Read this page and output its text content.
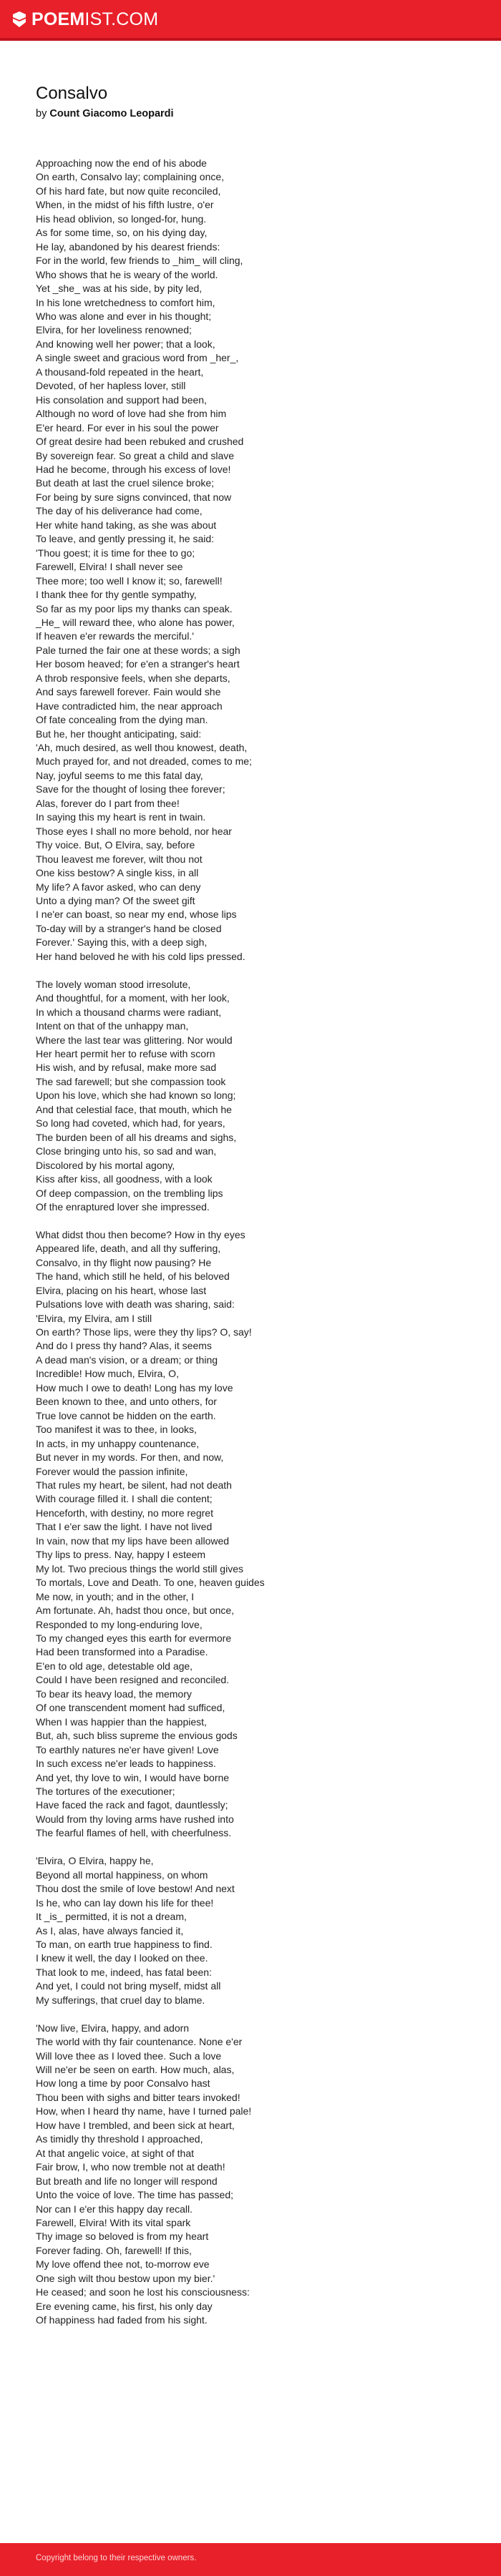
POEMIST.COM
Consalvo
by Count Giacomo Leopardi
Approaching now the end of his abode
On earth, Consalvo lay; complaining once,
Of his hard fate, but now quite reconciled,
When, in the midst of his fifth lustre, o'er
His head oblivion, so longed-for, hung.
As for some time, so, on his dying day,
He lay, abandoned by his dearest friends:
For in the world, few friends to _him_ will cling,
Who shows that he is weary of the world.
Yet _she_ was at his side, by pity led,
In his lone wretchedness to comfort him,
Who was alone and ever in his thought;
Elvira, for her loveliness renowned;
And knowing well her power; that a look,
A single sweet and gracious word from _her_,
A thousand-fold repeated in the heart,
Devoted, of her hapless lover, still
His consolation and support had been,
Although no word of love had she from him
E'er heard. For ever in his soul the power
Of great desire had been rebuked and crushed
By sovereign fear. So great a child and slave
Had he become, through his excess of love!
But death at last the cruel silence broke;
For being by sure signs convinced, that now
The day of his deliverance had come,
Her white hand taking, as she was about
To leave, and gently pressing it, he said:
'Thou goest; it is time for thee to go;
Farewell, Elvira! I shall never see
Thee more; too well I know it; so, farewell!
I thank thee for thy gentle sympathy,
So far as my poor lips my thanks can speak.
_He_ will reward thee, who alone has power,
If heaven e'er rewards the merciful.'
Pale turned the fair one at these words; a sigh
Her bosom heaved; for e'en a stranger's heart
A throb responsive feels, when she departs,
And says farewell forever. Fain would she
Have contradicted him, the near approach
Of fate concealing from the dying man.
But he, her thought anticipating, said:
'Ah, much desired, as well thou knowest, death,
Much prayed for, and not dreaded, comes to me;
Nay, joyful seems to me this fatal day,
Save for the thought of losing thee forever;
Alas, forever do I part from thee!
In saying this my heart is rent in twain.
Those eyes I shall no more behold, nor hear
Thy voice. But, O Elvira, say, before
Thou leavest me forever, wilt thou not
One kiss bestow? A single kiss, in all
My life? A favor asked, who can deny
Unto a dying man? Of the sweet gift
I ne'er can boast, so near my end, whose lips
To-day will by a stranger's hand be closed
Forever.' Saying this, with a deep sigh,
Her hand beloved he with his cold lips pressed.
The lovely woman stood irresolute,
And thoughtful, for a moment, with her look,
In which a thousand charms were radiant,
Intent on that of the unhappy man,
Where the last tear was glittering. Nor would
Her heart permit her to refuse with scorn
His wish, and by refusal, make more sad
The sad farewell; but she compassion took
Upon his love, which she had known so long;
And that celestial face, that mouth, which he
So long had coveted, which had, for years,
The burden been of all his dreams and sighs,
Close bringing unto his, so sad and wan,
Discolored by his mortal agony,
Kiss after kiss, all goodness, with a look
Of deep compassion, on the trembling lips
Of the enraptured lover she impressed.
What didst thou then become? How in thy eyes
Appeared life, death, and all thy suffering,
Consalvo, in thy flight now pausing? He
The hand, which still he held, of his beloved
Elvira, placing on his heart, whose last
Pulsations love with death was sharing, said:
'Elvira, my Elvira, am I still
On earth? Those lips, were they thy lips? O, say!
And do I press thy hand? Alas, it seems
A dead man's vision, or a dream; or thing
Incredible! How much, Elvira, O,
How much I owe to death! Long has my love
Been known to thee, and unto others, for
True love cannot be hidden on the earth.
Too manifest it was to thee, in looks,
In acts, in my unhappy countenance,
But never in my words. For then, and now,
Forever would the passion infinite,
That rules my heart, be silent, had not death
With courage filled it. I shall die content;
Henceforth, with destiny, no more regret
That I e'er saw the light. I have not lived
In vain, now that my lips have been allowed
Thy lips to press. Nay, happy I esteem
My lot. Two precious things the world still gives
To mortals, Love and Death. To one, heaven guides
Me now, in youth; and in the other, I
Am fortunate. Ah, hadst thou once, but once,
Responded to my long-enduring love,
To my changed eyes this earth for evermore
Had been transformed into a Paradise.
E'en to old age, detestable old age,
Could I have been resigned and reconciled.
To bear its heavy load, the memory
Of one transcendent moment had sufficed,
When I was happier than the happiest,
But, ah, such bliss supreme the envious gods
To earthly natures ne'er have given! Love
In such excess ne'er leads to happiness.
And yet, thy love to win, I would have borne
The tortures of the executioner;
Have faced the rack and fagot, dauntlessly;
Would from thy loving arms have rushed into
The fearful flames of hell, with cheerfulness.
'Elvira, O Elvira, happy he,
Beyond all mortal happiness, on whom
Thou dost the smile of love bestow! And next
Is he, who can lay down his life for thee!
It _is_ permitted, it is not a dream,
As I, alas, have always fancied it,
To man, on earth true happiness to find.
I knew it well, the day I looked on thee.
That look to me, indeed, has fatal been:
And yet, I could not bring myself, midst all
My sufferings, that cruel day to blame.
'Now live, Elvira, happy, and adorn
The world with thy fair countenance. None e'er
Will love thee as I loved thee. Such a love
Will ne'er be seen on earth. How much, alas,
How long a time by poor Consalvo hast
Thou been with sighs and bitter tears invoked!
How, when I heard thy name, have I turned pale!
How have I trembled, and been sick at heart,
As timidly thy threshold I approached,
At that angelic voice, at sight of that
Fair brow, I, who now tremble not at death!
But breath and life no longer will respond
Unto the voice of love. The time has passed;
Nor can I e'er this happy day recall.
Farewell, Elvira! With its vital spark
Thy image so beloved is from my heart
Forever fading. Oh, farewell! If this,
My love offend thee not, to-morrow eve
One sigh wilt thou bestow upon my bier.'
He ceased; and soon he lost his consciousness:
Ere evening came, his first, his only day
Of happiness had faded from his sight.
Copyright belong to their respective owners.
